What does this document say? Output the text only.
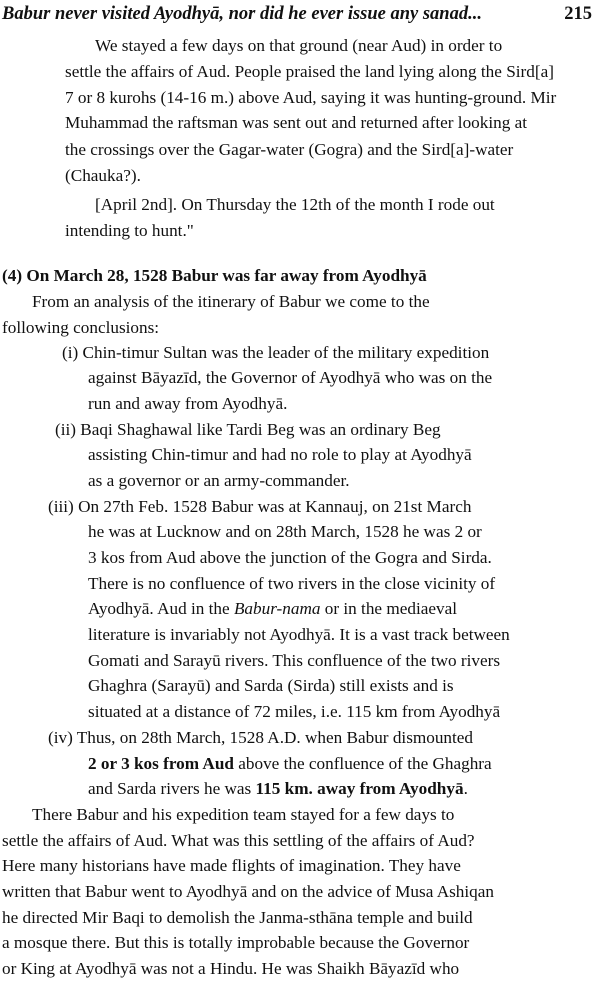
Babur never visited Ayodhyā, nor did he ever issue any sanad...	215
We stayed a few days on that ground (near Aud) in order to
settle the affairs of Aud. People praised the land lying along the Sird[a]
7 or 8 kurohs (14-16 m.) above Aud, saying it was hunting-ground. Mir
Muhammad the raftsman was sent out and returned after looking at
the crossings over the Gagar-water (Gogra) and the Sird[a]-water
(Chauka?).
[April 2nd]. On Thursday the 12th of the month I rode out
intending to hunt."
(4) On March 28, 1528 Babur was far away from Ayodhyā
From an analysis of the itinerary of Babur we come to the
following conclusions:
(i) Chin-timur Sultan was the leader of the military expedition
against Bāyazīd, the Governor of Ayodhyā who was on the
run and away from Ayodhyā.
(ii) Baqi Shaghawal like Tardi Beg was an ordinary Beg
assisting Chin-timur and had no role to play at Ayodhyā
as a governor or an army-commander.
(iii) On 27th Feb. 1528 Babur was at Kannauj, on 21st March
he was at Lucknow and on 28th March, 1528 he was 2 or
3 kos from Aud above the junction of the Gogra and Sirda.
There is no confluence of two rivers in the close vicinity of
Ayodhyā. Aud in the Babur-nama or in the mediaeval
literature is invariably not Ayodhyā. It is a vast track between
Gomati and Sarayū rivers. This confluence of the two rivers
Ghaghra (Sarayū) and Sarda (Sirda) still exists and is
situated at a distance of 72 miles, i.e. 115 km from Ayodhyā
(iv) Thus, on 28th March, 1528 A.D. when Babur dismounted
2 or 3 kos from Aud above the confluence of the Ghaghra
and Sarda rivers he was 115 km. away from Ayodhyā.
There Babur and his expedition team stayed for a few days to
settle the affairs of Aud. What was this settling of the affairs of Aud?
Here many historians have made flights of imagination. They have
written that Babur went to Ayodhyā and on the advice of Musa Ashiqan
he directed Mir Baqi to demolish the Janma-sthāna temple and build
a mosque there. But this is totally improbable because the Governor
or King at Ayodhyā was not a Hindu. He was Shaikh Bāyazīd who
